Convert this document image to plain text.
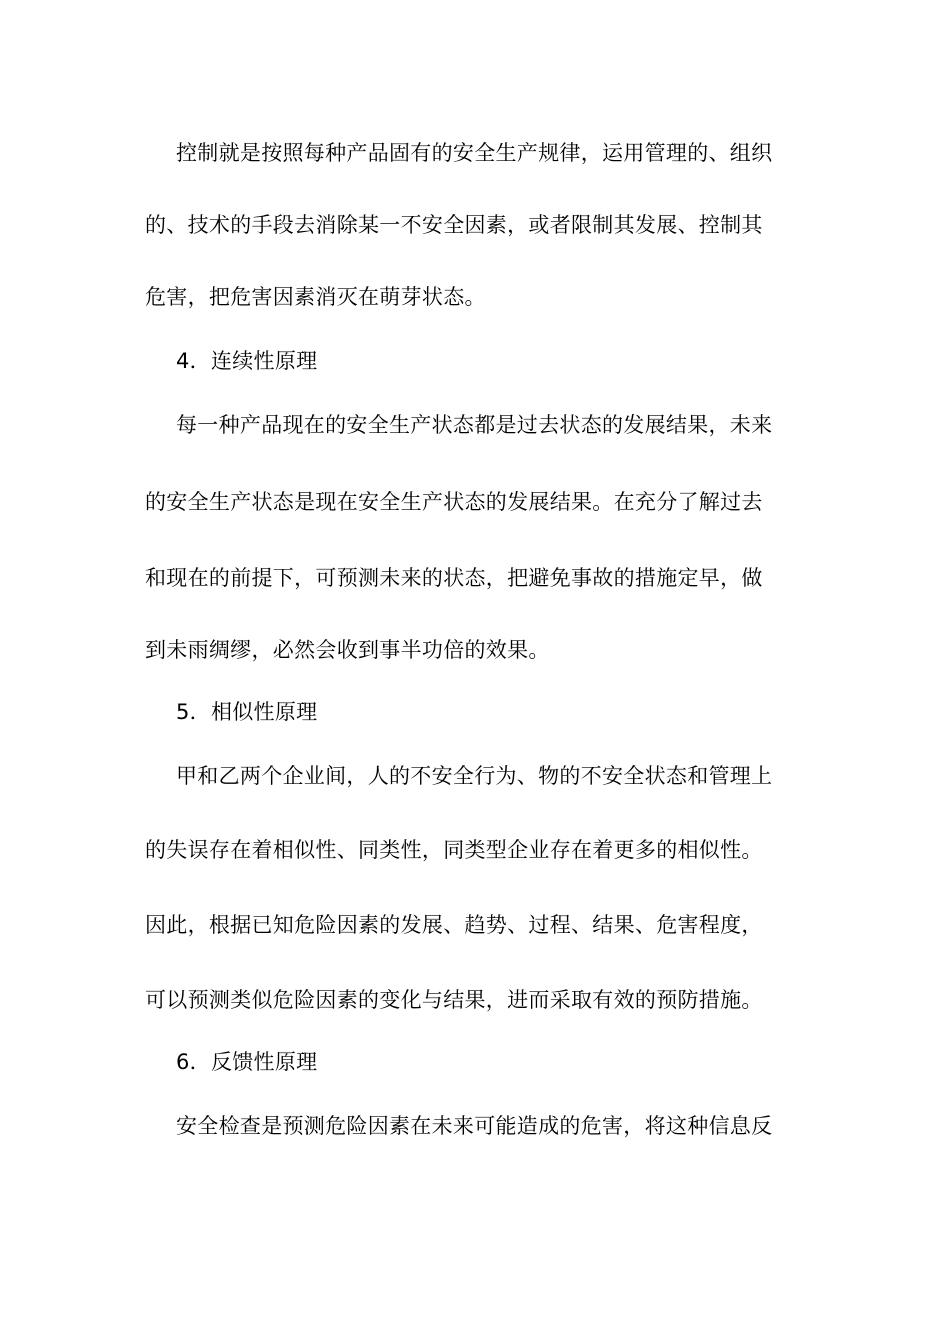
控制就是按照每种产品固有的安全生产规律，运用管理的、组织
的、技术的手段去消除某一不安全因素，或者限制其发展、控制其
危害，把危害因素消灭在萌芽状态。
4．连续性原理
每一种产品现在的安全生产状态都是过去状态的发展结果，未来
的安全生产状态是现在安全生产状态的发展结果。在充分了解过去
和现在的前提下，可预测未来的状态，把避免事故的措施定早，做
到未雨绸缪，必然会收到事半功倍的效果。
5．相似性原理
甲和乙两个企业间，人的不安全行为、物的不安全状态和管理上
的失误存在着相似性、同类性，同类型企业存在着更多的相似性。
因此，根据已知危险因素的发展、趋势、过程、结果、危害程度，
可以预测类似危险因素的变化与结果，进而采取有效的预防措施。
6．反馈性原理
安全检查是预测危险因素在未来可能造成的危害，将这种信息反
